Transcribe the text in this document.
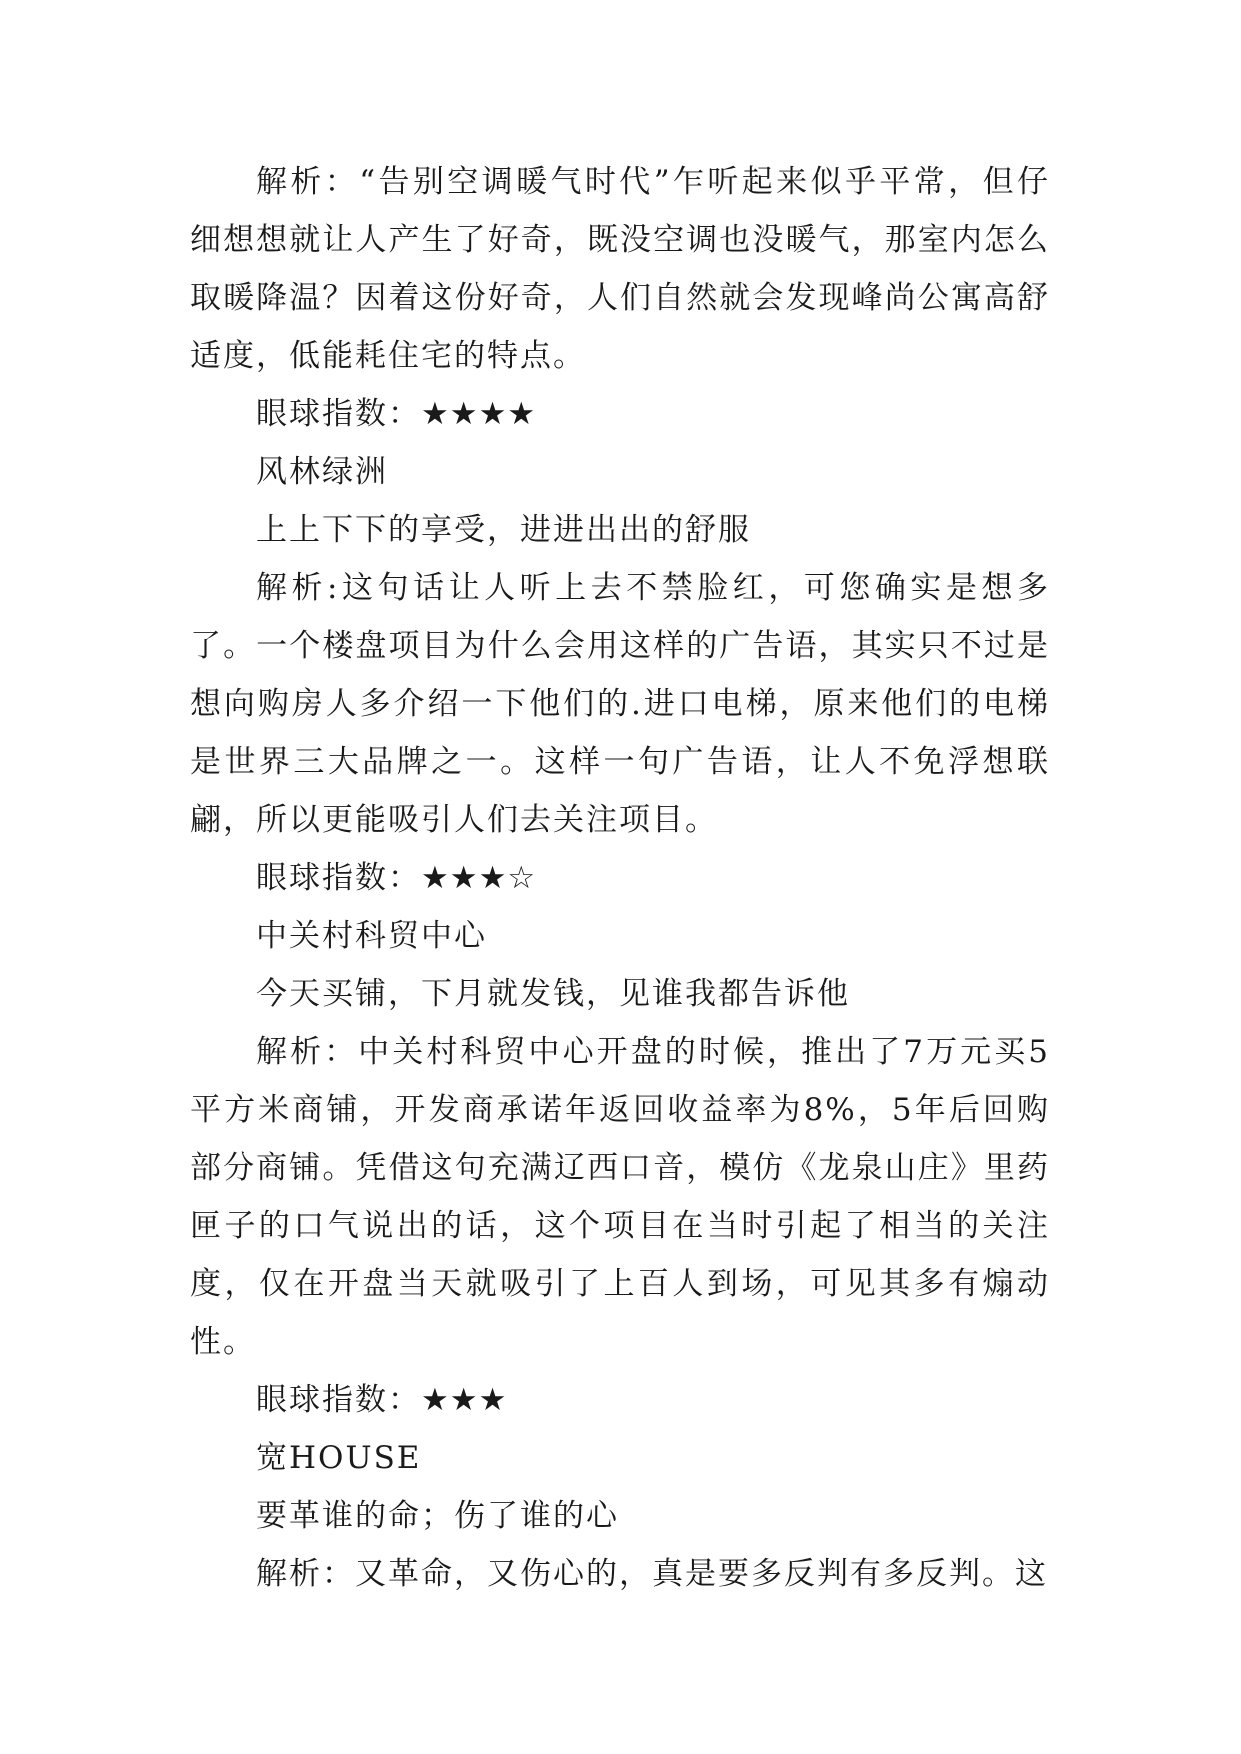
解析：“告别空调暖气时代”乍听起来似乎平常，但仔细想想就让人产生了好奇，既没空调也没暖气，那室内怎么取暖降温？因着这份好奇，人们自然就会发现峰尚公寓高舒适度，低能耗住宅的特点。

眼球指数：★★★★

风林绿洲

上上下下的享受，进进出出的舒服

解析:这句话让人听上去不禁脸红，可您确实是想多了。一个楼盘项目为什么会用这样的广告语，其实只不过是想向购房人多介绍一下他们的.进口电梯，原来他们的电梯是世界三大品牌之一。这样一句广告语，让人不免浮想联翩，所以更能吸引人们去关注项目。

眼球指数：★★★☆

中关村科贸中心

今天买铺，下月就发钱，见谁我都告诉他

解析：中关村科贸中心开盘的时候，推出了7万元买5平方米商铺，开发商承诺年返回收益率为8%，5年后回购部分商铺。凭借这句充满辽西口音，模仿《龙泉山庄》里药匣子的口气说出的话，这个项目在当时引起了相当的关注度，仅在开盘当天就吸引了上百人到场，可见其多有煽动性。

眼球指数：★★★

宽HOUSE

要革谁的命；伤了谁的心

解析：又革命，又伤心的，真是要多反判有多反判。这
